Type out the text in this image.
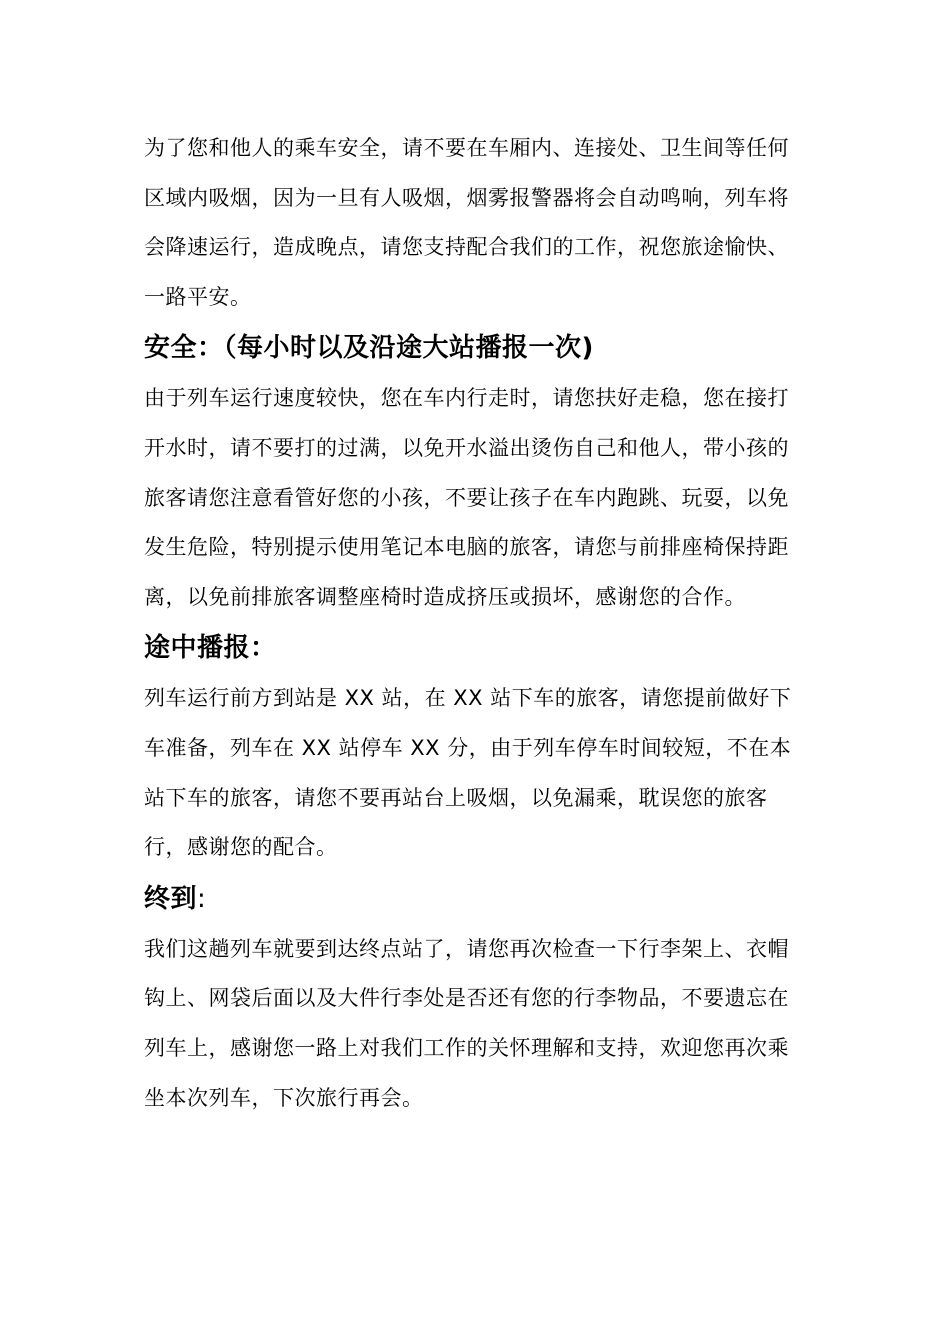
为了您和他人的乘车安全，请不要在车厢内、连接处、卫生间等任何区域内吸烟，因为一旦有人吸烟，烟雾报警器将会自动鸣响，列车将会降速运行，造成晚点，请您支持配合我们的工作，祝您旅途愉快、一路平安。

安全：（每小时以及沿途大站播报一次)

由于列车运行速度较快，您在车内行走时，请您扶好走稳，您在接打开水时，请不要打的过满，以免开水溢出烫伤自己和他人，带小孩的旅客请您注意看管好您的小孩，不要让孩子在车内跑跳、玩耍，以免发生危险，特别提示使用笔记本电脑的旅客，请您与前排座椅保持距离，以免前排旅客调整座椅时造成挤压或损坏，感谢您的合作。

途中播报：

列车运行前方到站是 XX 站，在 XX 站下车的旅客，请您提前做好下车准备，列车在 XX 站停车 XX 分，由于列车停车时间较短，不在本站下车的旅客，请您不要再站台上吸烟，以免漏乘，耽误您的旅客行，感谢您的配合。

终到:

我们这趟列车就要到达终点站了，请您再次检查一下行李架上、衣帽钩上、网袋后面以及大件行李处是否还有您的行李物品，不要遗忘在列车上，感谢您一路上对我们工作的关怀理解和支持，欢迎您再次乘坐本次列车，下次旅行再会。
